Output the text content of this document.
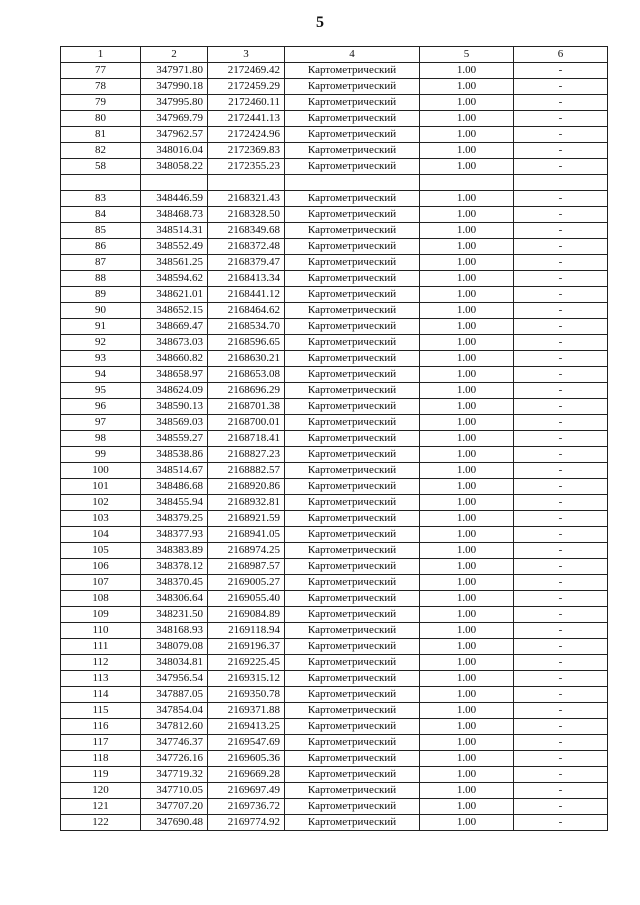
5
1	2	3	4	5	6
77	347971.80	2172469.42	Картометрический	1.00	-
78	347990.18	2172459.29	Картометрический	1.00	-
79	347995.80	2172460.11	Картометрический	1.00	-
80	347969.79	2172441.13	Картометрический	1.00	-
81	347962.57	2172424.96	Картометрический	1.00	-
82	348016.04	2172369.83	Картометрический	1.00	-
58	348058.22	2172355.23	Картометрический	1.00	-

83	348446.59	2168321.43	Картометрический	1.00	-
84	348468.73	2168328.50	Картометрический	1.00	-
85	348514.31	2168349.68	Картометрический	1.00	-
86	348552.49	2168372.48	Картометрический	1.00	-
87	348561.25	2168379.47	Картометрический	1.00	-
88	348594.62	2168413.34	Картометрический	1.00	-
89	348621.01	2168441.12	Картометрический	1.00	-
90	348652.15	2168464.62	Картометрический	1.00	-
91	348669.47	2168534.70	Картометрический	1.00	-
92	348673.03	2168596.65	Картометрический	1.00	-
93	348660.82	2168630.21	Картометрический	1.00	-
94	348658.97	2168653.08	Картометрический	1.00	-
95	348624.09	2168696.29	Картометрический	1.00	-
96	348590.13	2168701.38	Картометрический	1.00	-
97	348569.03	2168700.01	Картометрический	1.00	-
98	348559.27	2168718.41	Картометрический	1.00	-
99	348538.86	2168827.23	Картометрический	1.00	-
100	348514.67	2168882.57	Картометрический	1.00	-
101	348486.68	2168920.86	Картометрический	1.00	-
102	348455.94	2168932.81	Картометрический	1.00	-
103	348379.25	2168921.59	Картометрический	1.00	-
104	348377.93	2168941.05	Картометрический	1.00	-
105	348383.89	2168974.25	Картометрический	1.00	-
106	348378.12	2168987.57	Картометрический	1.00	-
107	348370.45	2169005.27	Картометрический	1.00	-
108	348306.64	2169055.40	Картометрический	1.00	-
109	348231.50	2169084.89	Картометрический	1.00	-
110	348168.93	2169118.94	Картометрический	1.00	-
111	348079.08	2169196.37	Картометрический	1.00	-
112	348034.81	2169225.45	Картометрический	1.00	-
113	347956.54	2169315.12	Картометрический	1.00	-
114	347887.05	2169350.78	Картометрический	1.00	-
115	347854.04	2169371.88	Картометрический	1.00	-
116	347812.60	2169413.25	Картометрический	1.00	-
117	347746.37	2169547.69	Картометрический	1.00	-
118	347726.16	2169605.36	Картометрический	1.00	-
119	347719.32	2169669.28	Картометрический	1.00	-
120	347710.05	2169697.49	Картометрический	1.00	-
121	347707.20	2169736.72	Картометрический	1.00	-
122	347690.48	2169774.92	Картометрический	1.00	-
